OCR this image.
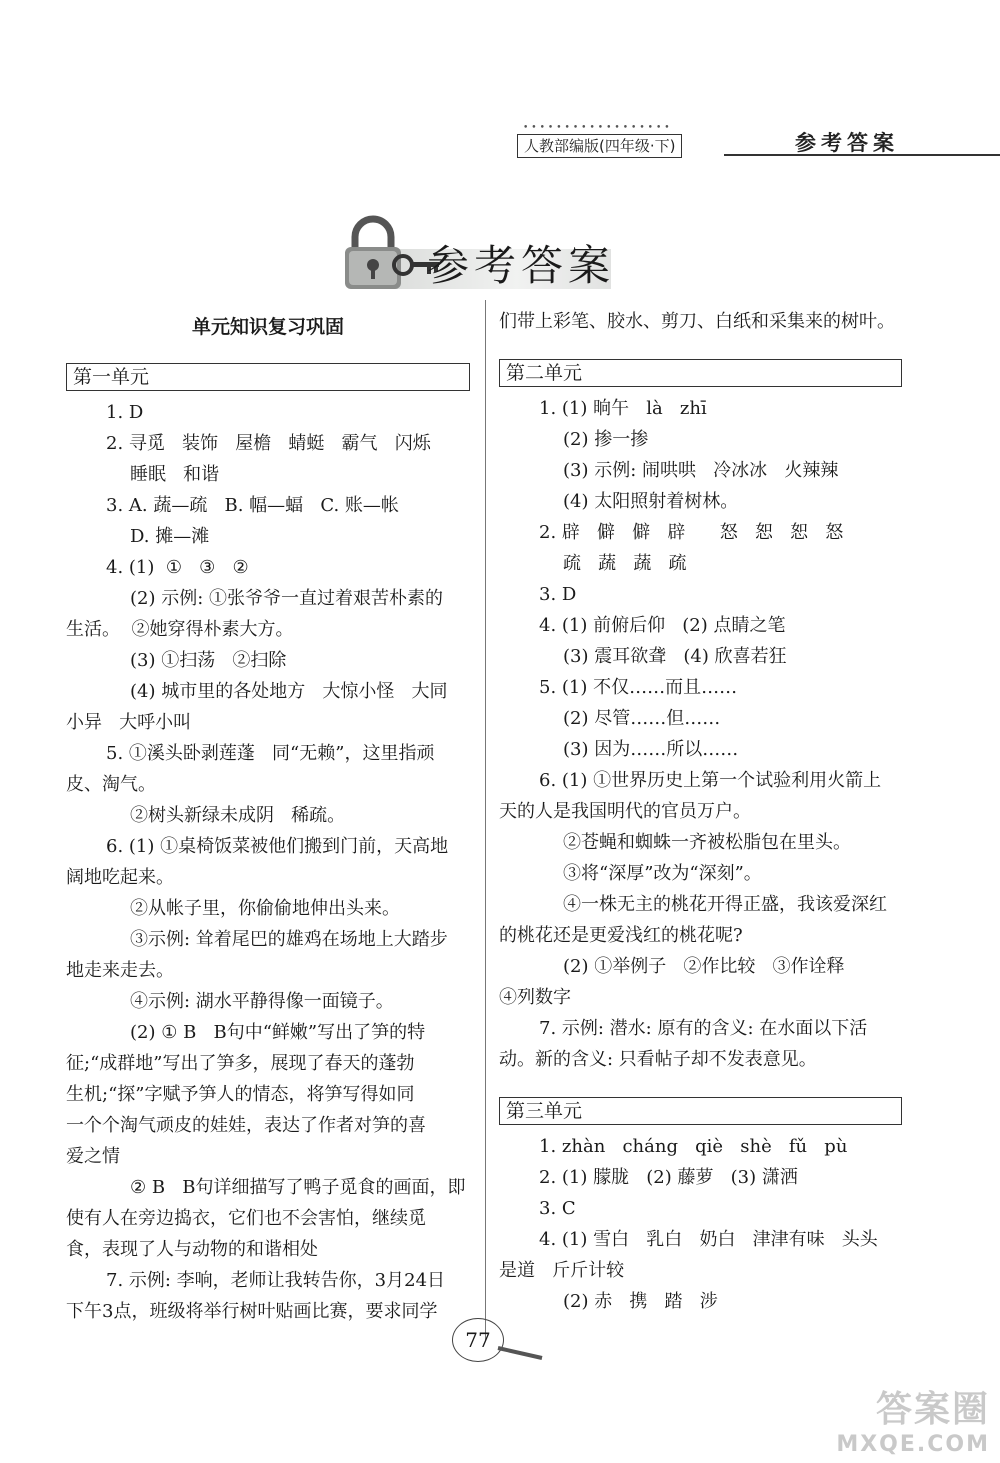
••••••••••••••••••
人教部编版(四年级·下)	参考答案
参考答案
单元知识复习巩固
第一单元
1. D
2. 寻觅   装饰   屋檐   蜻蜓   霸气   闪烁
睡眠   和谐
3. A. 蔬—疏   B. 幅—蝠   C. 账—帐
D. 摊—滩
4. (1)  ①   ③   ②
(2) 示例: ①张爷爷一直过着艰苦朴素的
生活。  ②她穿得朴素大方。
(3) ①扫荡   ②扫除
(4) 城市里的各处地方   大惊小怪   大同
小异   大呼小叫
5. ①溪头卧剥莲蓬   同“无赖”，这里指顽
皮、淘气。
②树头新绿未成阴   稀疏。
6. (1) ①桌椅饭菜被他们搬到门前，天高地
阔地吃起来。
②从帐子里，你偷偷地伸出头来。
③示例: 耸着尾巴的雄鸡在场地上大踏步
地走来走去。
④示例: 湖水平静得像一面镜子。
(2) ① B   B句中“鲜嫩”写出了笋的特
征;“成群地”写出了笋多，展现了春天的蓬勃
生机;“探”字赋予笋人的情态，将笋写得如同
一个个淘气顽皮的娃娃，表达了作者对笋的喜
爱之情
② B   B句详细描写了鸭子觅食的画面，即
使有人在旁边捣衣，它们也不会害怕，继续觅
食，表现了人与动物的和谐相处
7. 示例: 李响，老师让我转告你，3月24日
下午3点，班级将举行树叶贴画比赛，要求同学
们带上彩笔、胶水、剪刀、白纸和采集来的树叶。
第二单元
1. (1) 晌午   là   zhī
(2) 掺一掺
(3) 示例: 闹哄哄   冷冰冰   火辣辣
(4) 太阳照射着树林。
2. 辟   僻   僻   辟      怒   恕   恕   怒
疏   蔬   蔬   疏
3. D
4. (1) 前俯后仰   (2) 点睛之笔
(3) 震耳欲聋   (4) 欣喜若狂
5. (1) 不仅……而且……
(2) 尽管……但……
(3) 因为……所以……
6. (1) ①世界历史上第一个试验利用火箭上
天的人是我国明代的官员万户。
②苍蝇和蜘蛛一齐被松脂包在里头。
③将“深厚”改为“深刻”。
④一株无主的桃花开得正盛，我该爱深红
的桃花还是更爱浅红的桃花呢?
(2) ①举例子   ②作比较   ③作诠释
④列数字
7. 示例: 潜水: 原有的含义: 在水面以下活
动。新的含义: 只看帖子却不发表意见。
第三单元
1. zhàn   cháng   qiè   shè   fǔ   pù
2. (1) 朦胧   (2) 藤萝   (3) 潇洒
3. C
4. (1) 雪白   乳白   奶白   津津有味   头头
是道   斤斤计较
(2) 赤   携   踏   涉
77
答案圈
MXQE.COM
